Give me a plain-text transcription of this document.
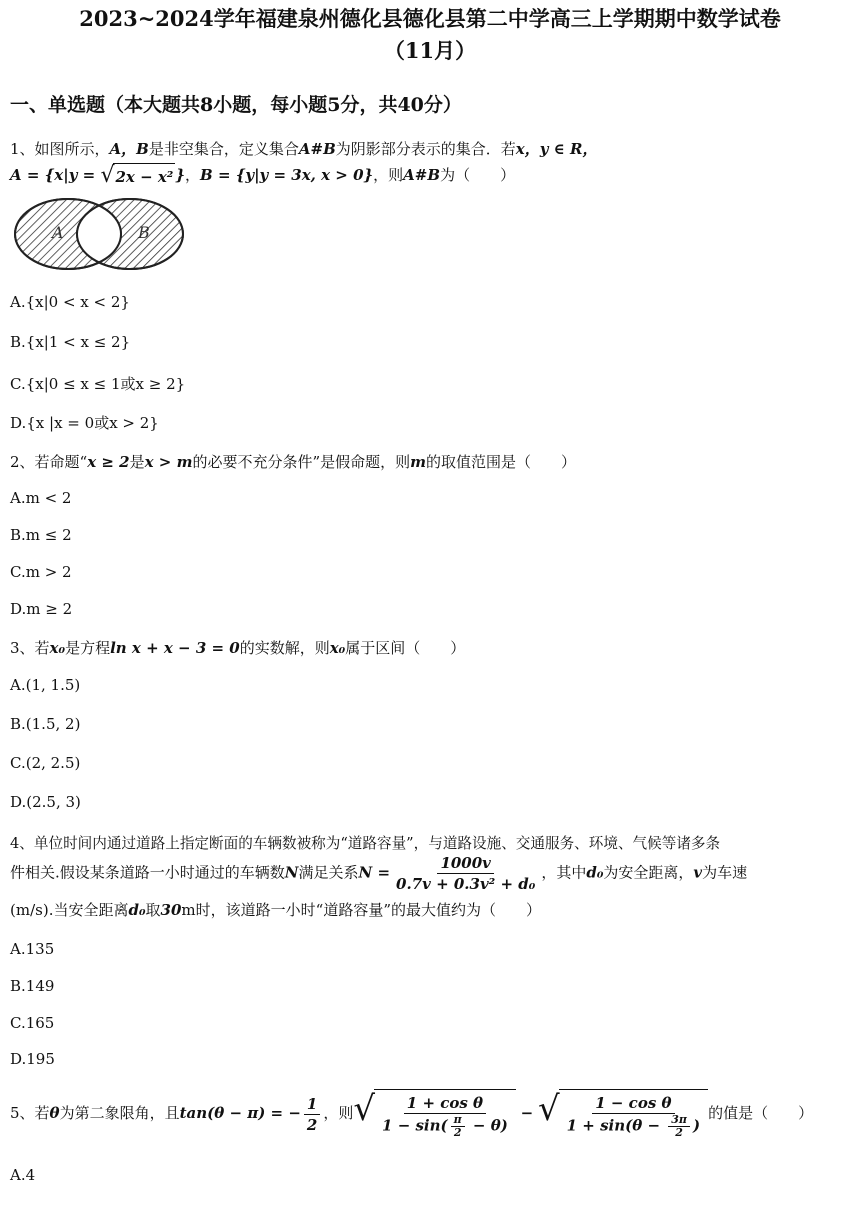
2023~2024学年福建泉州德化县德化县第二中学高三上学期期中数学试卷
（11月）
一、单选题（本大题共8小题，每小题5分，共40分）
1、如图所示，A，B是非空集合，定义集合A#B为阴影部分表示的集合．若x，y ∈ R，
A = {x|y = √ 2x − x² }，B = {y|y = 3x, x > 0}，则A#B为（　　）
A	B
A.{x|0 < x < 2}
B.{x|1 < x ≤ 2}
C.{x|0 ≤ x ≤ 1或x ≥ 2}
D.{x |x = 0或x > 2}
2、若命题“x ≥ 2是x > m的必要不充分条件”是假命题，则m的取值范围是（　　）
A.m < 2
B.m ≤ 2
C.m > 2
D.m ≥ 2
3、若x₀是方程ln x + x − 3 = 0的实数解，则x₀属于区间（　　）
A.(1, 1.5)
B.(1.5, 2)
C.(2, 2.5)
D.(2.5, 3)
4、单位时间内通过道路上指定断面的车辆数被称为“道路容量”，与道路设施、交通服务、环境、气候等诸多条
件相关.假设某条道路一小时通过的车辆数N满足关系$N = \frac{1000v}{\text{0.7v + 0.3v² + d₀}}$ ，其中d₀为安全距离，v为车速
(m/s).当安全距离d₀取30m时，该道路一小时“道路容量”的最大值约为（　　）
A.135
B.149
C.165
D.195
5、若θ为第二象限角，且tan(θ − π) = − $\frac{1}{2}$ ，则 √ $\frac{\text{1 + cos θ}}{1 - \sin( \frac{\pi}{2} - \theta)}$ − √ $\frac{\text{1 − cos θ}}{1 + \sin(\theta - \frac{3\pi}{2} )}$ 的值是（　　）
A.4
